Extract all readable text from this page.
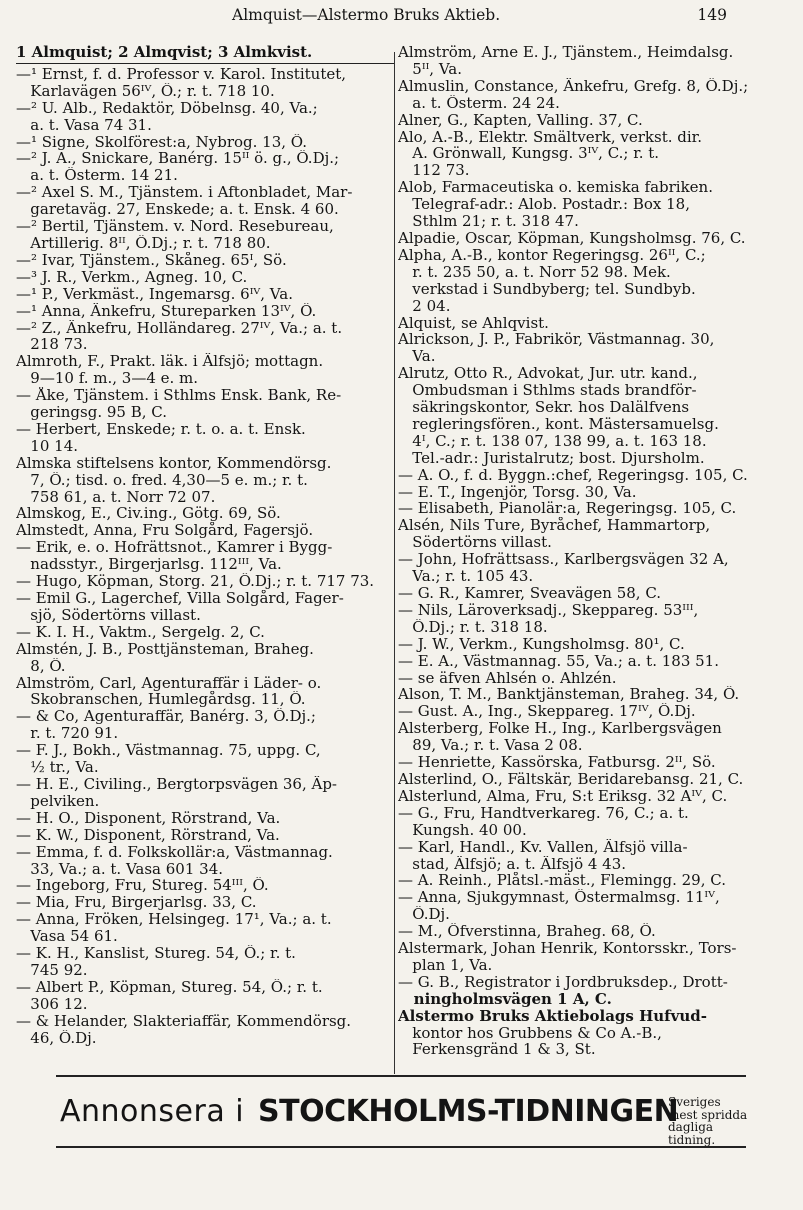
Almquist—Alstermo Bruks Aktieb.	149
1 Almquist; 2 Almqvist; 3 Almkvist.
—¹ Ernst, f. d. Professor v. Karol. Institutet,
Karlavägen 56ᴵⱽ, Ö.; r. t. 718 10.
—² U. Alb., Redaktör, Döbelnsg. 40, Va.;
a. t. Vasa 74 31.
—¹ Signe, Skolförest:a, Nybrog. 13, Ö.
—² J. A., Snickare, Banérg. 15ᴵᴵ ö. g., Ö.Dj.;
a. t. Österm. 14 21.
—² Axel S. M., Tjänstem. i Aftonbladet, Mar-
garetaväg. 27, Enskede; a. t. Ensk. 4 60.
—² Bertil, Tjänstem. v. Nord. Resebureau,
Artillerig. 8ᴵᴵ, Ö.Dj.; r. t. 718 80.
—² Ivar, Tjänstem., Skåneg. 65ᴵ, Sö.
—³ J. R., Verkm., Agneg. 10, C.
—¹ P., Verkmäst., Ingemarsg. 6ᴵⱽ, Va.
—¹ Anna, Änkefru, Stureparken 13ᴵⱽ, Ö.
—² Z., Änkefru, Holländareg. 27ᴵⱽ, Va.; a. t.
218 73.
Almroth, F., Prakt. läk. i Älfsjö; mottagn.
9—10 f. m., 3—4 e. m.
— Åke, Tjänstem. i Sthlms Ensk. Bank, Re-
geringsg. 95 B, C.
— Herbert, Enskede; r. t. o. a. t. Ensk.
10 14.
Almska stiftelsens kontor, Kommendörsg.
7, Ö.; tisd. o. fred. 4,30—5 e. m.; r. t.
758 61, a. t. Norr 72 07.
Almskog, E., Civ.ing., Götg. 69, Sö.
Almstedt, Anna, Fru Solgård, Fagersjö.
— Erik, e. o. Hofrättsnot., Kamrer i Bygg-
nadsstyr., Birgerjarlsg. 112ᴵᴵᴵ, Va.
— Hugo, Köpman, Storg. 21, Ö.Dj.; r. t. 717 73.
— Emil G., Lagerchef, Villa Solgård, Fager-
sjö, Södertörns villast.
— K. I. H., Vaktm., Sergelg. 2, C.
Almstén, J. B., Posttjänsteman, Braheg.
8, Ö.
Almström, Carl, Agenturaffär i Läder- o.
Skobranschen, Humlegårdsg. 11, Ö.
— & Co, Agenturaffär, Banérg. 3, Ö.Dj.;
r. t. 720 91.
— F. J., Bokh., Västmannag. 75, uppg. C,
½ tr., Va.
— H. E., Civiling., Bergtorpsvägen 36, Äp-
pelviken.
— H. O., Disponent, Rörstrand, Va.
— K. W., Disponent, Rörstrand, Va.
— Emma, f. d. Folkskollär:a, Västmannag.
33, Va.; a. t. Vasa 601 34.
— Ingeborg, Fru, Stureg. 54ᴵᴵᴵ, Ö.
— Mia, Fru, Birgerjarlsg. 33, C.
— Anna, Fröken, Helsingeg. 17¹, Va.; a. t.
Vasa 54 61.
— K. H., Kanslist, Stureg. 54, Ö.; r. t.
745 92.
— Albert P., Köpman, Stureg. 54, Ö.; r. t.
306 12.
— & Helander, Slakteriaffär, Kommendörsg.
46, Ö.Dj.
Almström, Arne E. J., Tjänstem., Heimdalsg.
5ᴵᴵ, Va.
Almuslin, Constance, Änkefru, Grefg. 8, Ö.Dj.;
a. t. Österm. 24 24.
Alner, G., Kapten, Valling. 37, C.
Alo, A.-B., Elektr. Smältverk, verkst. dir.
A. Grönwall, Kungsg. 3ᴵⱽ, C.; r. t.
112 73.
Alob, Farmaceutiska o. kemiska fabriken.
Telegraf-adr.: Alob. Postadr.: Box 18,
Sthlm 21; r. t. 318 47.
Alpadie, Oscar, Köpman, Kungsholmsg. 76, C.
Alpha, A.-B., kontor Regeringsg. 26ᴵᴵ, C.;
r. t. 235 50, a. t. Norr 52 98. Mek.
verkstad i Sundbyberg; tel. Sundbyb.
2 04.
Alquist, se Ahlqvist.
Alrickson, J. P., Fabrikör, Västmannag. 30,
Va.
Alrutz, Otto R., Advokat, Jur. utr. kand.,
Ombudsman i Sthlms stads brandför-
säkringskontor, Sekr. hos Dalälfvens
regleringsfören., kont. Mästersamuelsg.
4ᴵ, C.; r. t. 138 07, 138 99, a. t. 163 18.
Tel.-adr.: Juristalrutz; bost. Djursholm.
— A. O., f. d. Byggn.:chef, Regeringsg. 105, C.
— E. T., Ingenjör, Torsg. 30, Va.
— Elisabeth, Pianolär:a, Regeringsg. 105, C.
Alsén, Nils Ture, Byråchef, Hammartorp,
Södertörns villast.
— John, Hofrättsass., Karlbergsvägen 32 A,
Va.; r. t. 105 43.
— G. R., Kamrer, Sveavägen 58, C.
— Nils, Läroverksadj., Skeppareg. 53ᴵᴵᴵ,
Ö.Dj.; r. t. 318 18.
— J. W., Verkm., Kungsholmsg. 80¹, C.
— E. A., Västmannag. 55, Va.; a. t. 183 51.
— se äfven Ahlsén o. Ahlzén.
Alson, T. M., Banktjänsteman, Braheg. 34, Ö.
— Gust. A., Ing., Skeppareg. 17ᴵⱽ, Ö.Dj.
Alsterberg, Folke H., Ing., Karlbergsvägen
89, Va.; r. t. Vasa 2 08.
— Henriette, Kassörska, Fatbursg. 2ᴵᴵ, Sö.
Alsterlind, O., Fältskär, Beridarebansg. 21, C.
Alsterlund, Alma, Fru, S:t Eriksg. 32 Aᴵⱽ, C.
— G., Fru, Handtverkareg. 76, C.; a. t.
Kungsh. 40 00.
— Karl, Handl., Kv. Vallen, Älfsjö villa-
stad, Älfsjö; a. t. Älfsjö 4 43.
— A. Reinh., Plåtsl.-mäst., Flemingg. 29, C.
— Anna, Sjukgymnast, Östermalmsg. 11ᴵⱽ,
Ö.Dj.
— M., Öfverstinna, Braheg. 68, Ö.
Alstermark, Johan Henrik, Kontorsskr., Tors-
plan 1, Va.
— G. B., Registrator i Jordbruksdep., Drott-
ningholmsvägen 1 A, C.
Alstermo Bruks Aktiebolags Hufvud-
kontor hos Grubbens & Co A.-B.,
Ferkensgränd 1 & 3, St.
Annonsera i STOCKHOLMS-TIDNINGEN
Sveriges mest spridda
dagliga tidning.
